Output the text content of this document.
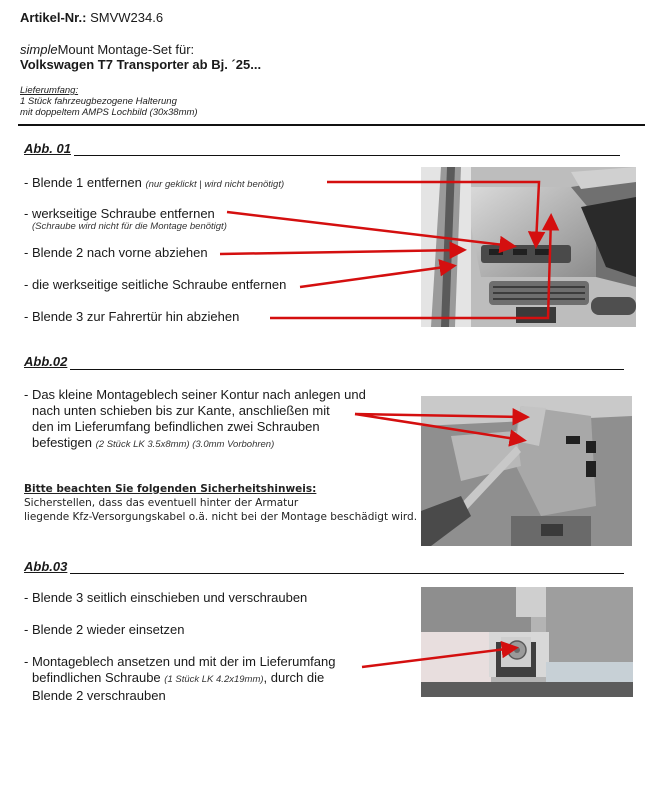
Artikel-Nr.: SMVW234.6
simpleMount Montage-Set für:
Volkswagen T7 Transporter ab Bj. ´25...
Lieferumfang:
1 Stück fahrzeugbezogene Halterung
mit doppeltem AMPS Lochbild (30x38mm)
Abb. 01
- Blende 1 entfernen (nur geklickt | wird nicht benötigt)
- werkseitige Schraube entfernen
(Schraube wird nicht für die Montage benötigt)
- Blende 2 nach vorne abziehen
- die werkseitige seitliche Schraube entfernen
- Blende 3 zur Fahrertür hin abziehen
Abb.02
- Das kleine Montageblech seiner Kontur nach anlegen und
nach unten schieben bis zur Kante, anschließen mit
den im Lieferumfang befindlichen zwei Schrauben
befestigen (2 Stück LK 3.5x8mm) (3.0mm Vorbohren)
Bitte beachten Sie folgenden Sicherheitshinweis:
Sicherstellen, dass das eventuell hinter der Armatur
liegende Kfz-Versorgungskabel o.ä. nicht bei der Montage beschädigt wird.
Abb.03
- Blende 3 seitlich einschieben und verschrauben
- Blende 2 wieder einsetzen
- Montageblech ansetzen und mit der im Lieferumfang
befindlichen Schraube (1 Stück LK 4.2x19mm), durch die
Blende 2 verschrauben
